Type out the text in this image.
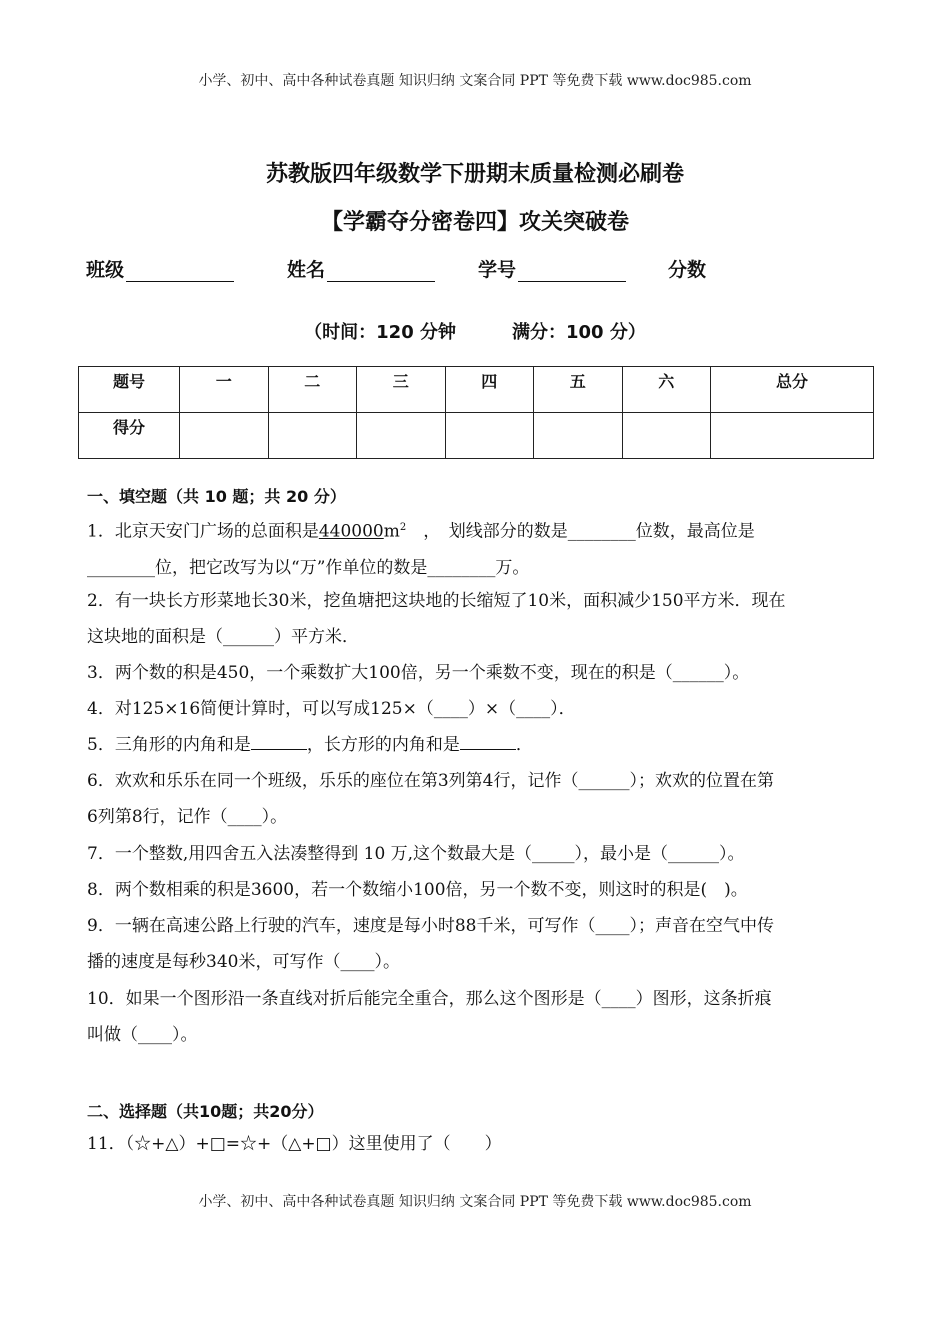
小学、初中、高中各种试卷真题 知识归纳 文案合同 PPT 等免费下载 www.doc985.com
苏教版四年级数学下册期末质量检测必刷卷
【学霸夺分密卷四】攻关突破卷
班级	姓名	学号	分数
（时间：120 分钟	满分：100 分）
题号	一	二	三	四	五	六	总分
得分							
一、填空题（共 10 题；共 20 分）
1．北京天安门广场的总面积是$440000m^2$　，　划线部分的数是________位数，最高位是
________位，把它改写为以“万”作单位的数是________万。
2．有一块长方形菜地长30米，挖鱼塘把这块地的长缩短了10米，面积减少150平方米．现在
这块地的面积是（______）平方米．
3．两个数的积是450，一个乘数扩大100倍，另一个乘数不变，现在的积是（______）。
4．对125×16简便计算时，可以写成125×（____）×（____）．
5．三角形的内角和是	，长方形的内角和是	．
6．欢欢和乐乐在同一个班级，乐乐的座位在第3列第4行，记作（______）；欢欢的位置在第
6列第8行，记作（____）。
7．一个整数,用四舍五入法凑整得到 10 万,这个数最大是（_____），最小是（______）。
8．两个数相乘的积是3600，若一个数缩小100倍，另一个数不变，则这时的积是(　)。
9．一辆在高速公路上行驶的汽车，速度是每小时88千米，可写作（____）；声音在空气中传
播的速度是每秒340米，可写作（____）。
10．如果一个图形沿一条直线对折后能完全重合，那么这个图形是（____）图形，这条折痕
叫做（____）。
二、选择题（共10题；共20分）
11．（☆+△）+□=☆+（△+□）这里使用了（　　）
小学、初中、高中各种试卷真题 知识归纳 文案合同 PPT 等免费下载 www.doc985.com
